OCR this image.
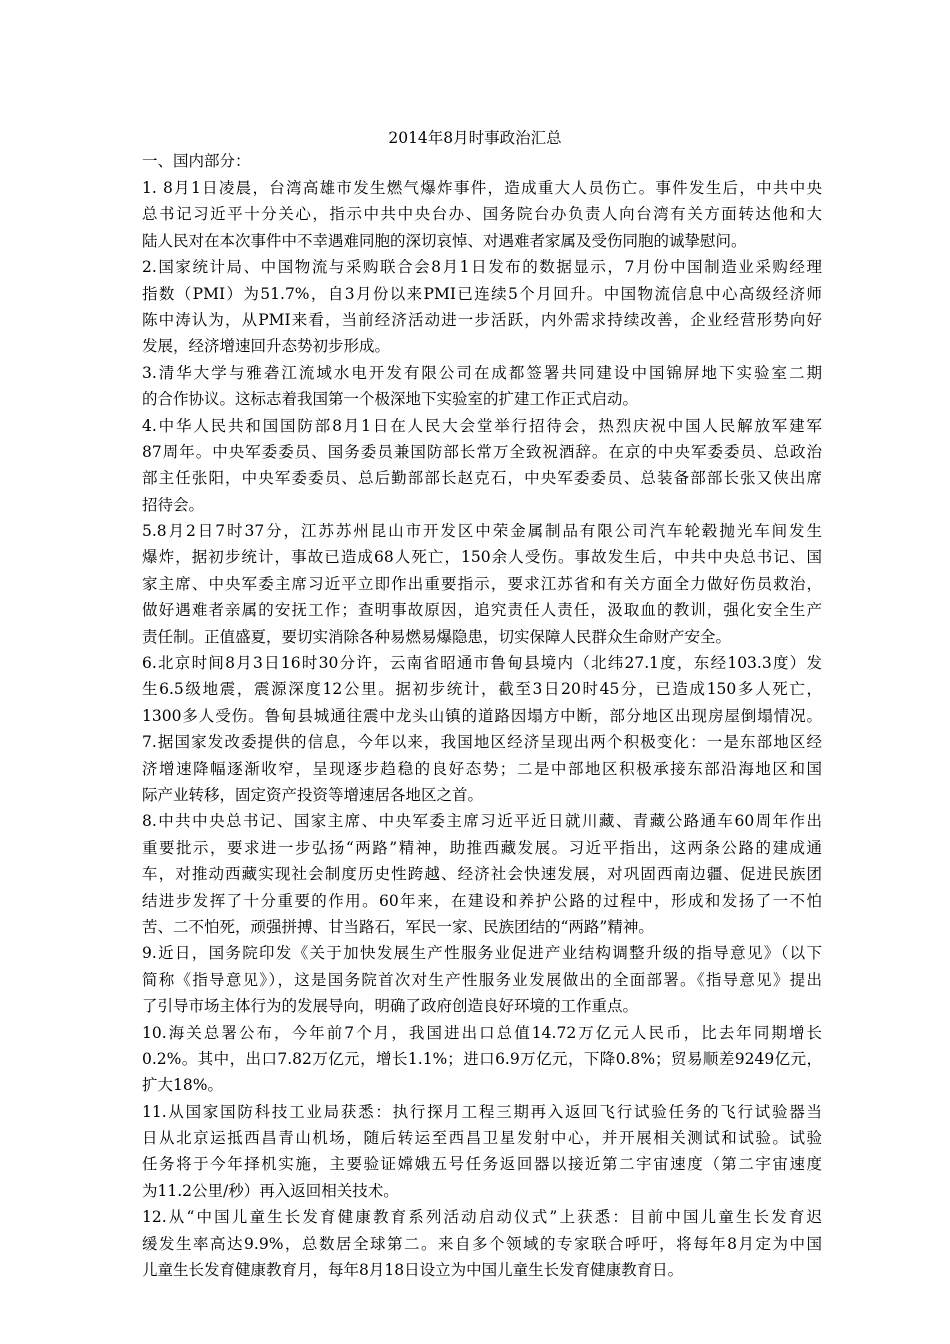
2014年8月时事政治汇总
一、国内部分：
1. 8月1日凌晨，台湾高雄市发生燃气爆炸事件，造成重大人员伤亡。事件发生后，中共中央
总书记习近平十分关心，指示中共中央台办、国务院台办负责人向台湾有关方面转达他和大
陆人民对在本次事件中不幸遇难同胞的深切哀悼、对遇难者家属及受伤同胞的诚挚慰问。
2.国家统计局、中国物流与采购联合会8月1日发布的数据显示，7月份中国制造业采购经理
指数（PMI）为51.7%，自3月份以来PMI已连续5个月回升。中国物流信息中心高级经济师
陈中涛认为，从PMI来看，当前经济活动进一步活跃，内外需求持续改善，企业经营形势向好
发展，经济增速回升态势初步形成。
3.清华大学与雅砻江流域水电开发有限公司在成都签署共同建设中国锦屏地下实验室二期
的合作协议。这标志着我国第一个极深地下实验室的扩建工作正式启动。
4.中华人民共和国国防部8月1日在人民大会堂举行招待会，热烈庆祝中国人民解放军建军
87周年。中央军委委员、国务委员兼国防部长常万全致祝酒辞。在京的中央军委委员、总政治
部主任张阳，中央军委委员、总后勤部部长赵克石，中央军委委员、总装备部部长张又侠出席
招待会。
5.8月2日7时37分，江苏苏州昆山市开发区中荣金属制品有限公司汽车轮毂抛光车间发生
爆炸，据初步统计，事故已造成68人死亡，150余人受伤。事故发生后，中共中央总书记、国
家主席、中央军委主席习近平立即作出重要指示，要求江苏省和有关方面全力做好伤员救治，
做好遇难者亲属的安抚工作；查明事故原因，追究责任人责任，汲取血的教训，强化安全生产
责任制。正值盛夏，要切实消除各种易燃易爆隐患，切实保障人民群众生命财产安全。
6.北京时间8月3日16时30分许，云南省昭通市鲁甸县境内（北纬27.1度，东经103.3度）发
生6.5级地震，震源深度12公里。据初步统计，截至3日20时45分，已造成150多人死亡，
1300多人受伤。鲁甸县城通往震中龙头山镇的道路因塌方中断，部分地区出现房屋倒塌情况。
7.据国家发改委提供的信息，今年以来，我国地区经济呈现出两个积极变化：一是东部地区经
济增速降幅逐渐收窄，呈现逐步趋稳的良好态势；二是中部地区积极承接东部沿海地区和国
际产业转移，固定资产投资等增速居各地区之首。
8.中共中央总书记、国家主席、中央军委主席习近平近日就川藏、青藏公路通车60周年作出
重要批示，要求进一步弘扬“两路”精神，助推西藏发展。习近平指出，这两条公路的建成通
车，对推动西藏实现社会制度历史性跨越、经济社会快速发展，对巩固西南边疆、促进民族团
结进步发挥了十分重要的作用。60年来，在建设和养护公路的过程中，形成和发扬了一不怕
苦、二不怕死，顽强拼搏、甘当路石，军民一家、民族团结的“两路”精神。
9.近日，国务院印发《关于加快发展生产性服务业促进产业结构调整升级的指导意见》（以下
简称《指导意见》），这是国务院首次对生产性服务业发展做出的全面部署。《指导意见》提出
了引导市场主体行为的发展导向，明确了政府创造良好环境的工作重点。
10.海关总署公布，今年前7个月，我国进出口总值14.72万亿元人民币，比去年同期增长
0.2%。其中，出口7.82万亿元，增长1.1%；进口6.9万亿元，下降0.8%；贸易顺差9249亿元，
扩大18%。
11.从国家国防科技工业局获悉：执行探月工程三期再入返回飞行试验任务的飞行试验器当
日从北京运抵西昌青山机场，随后转运至西昌卫星发射中心，并开展相关测试和试验。试验
任务将于今年择机实施，主要验证嫦娥五号任务返回器以接近第二宇宙速度（第二宇宙速度
为11.2公里/秒）再入返回相关技术。
12.从“中国儿童生长发育健康教育系列活动启动仪式”上获悉：目前中国儿童生长发育迟
缓发生率高达9.9%，总数居全球第二。来自多个领域的专家联合呼吁，将每年8月定为中国
儿童生长发育健康教育月，每年8月18日设立为中国儿童生长发育健康教育日。
